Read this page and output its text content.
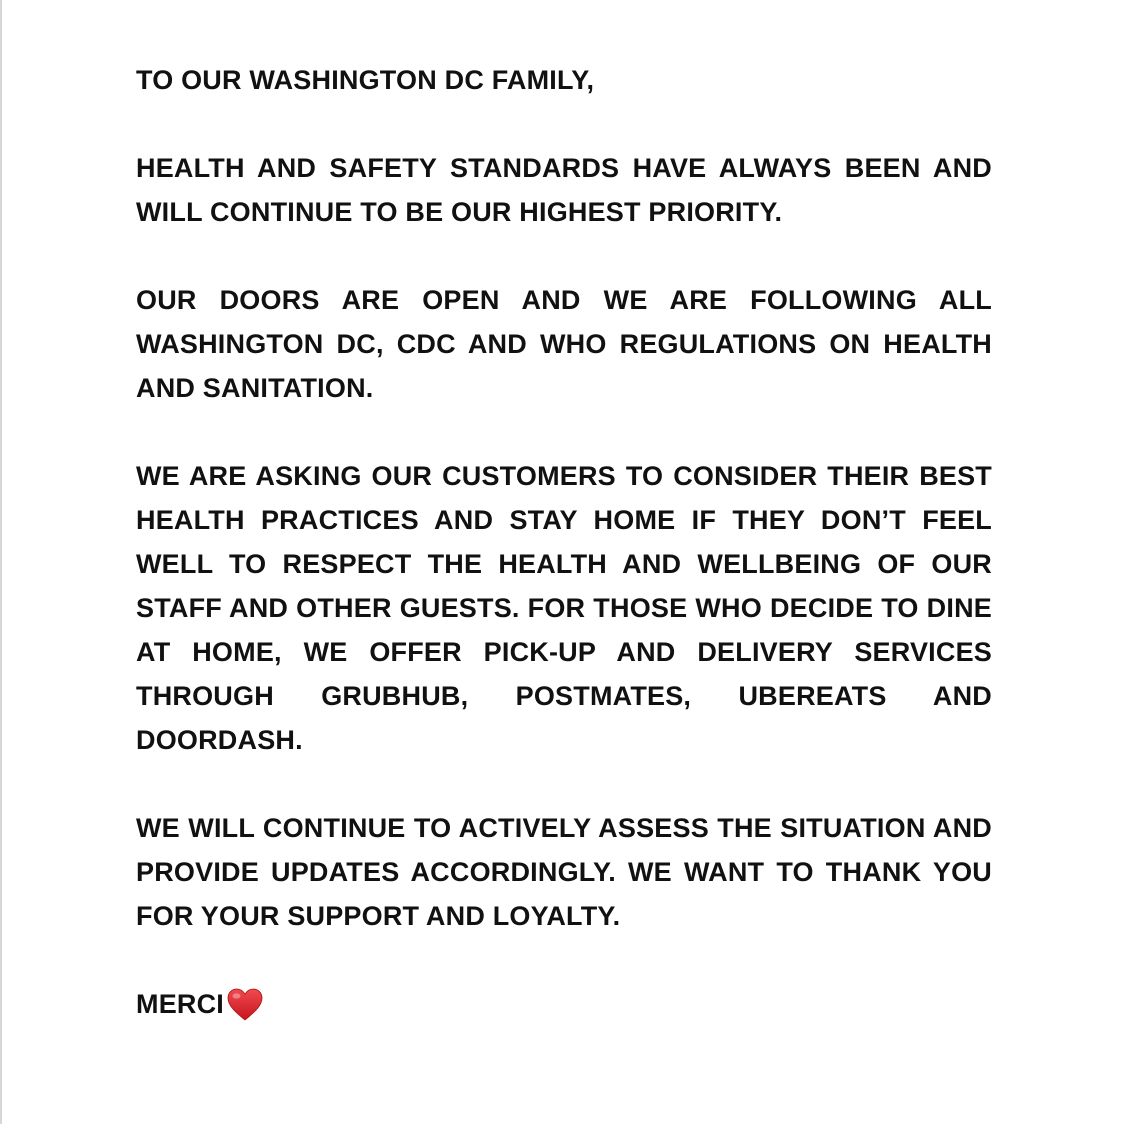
TO OUR WASHINGTON DC FAMILY,

HEALTH AND SAFETY STANDARDS HAVE ALWAYS BEEN AND WILL CONTINUE TO BE OUR HIGHEST PRIORITY.

OUR DOORS ARE OPEN AND WE ARE FOLLOWING ALL WASHINGTON DC, CDC AND WHO REGULATIONS ON HEALTH AND SANITATION.

WE ARE ASKING OUR CUSTOMERS TO CONSIDER THEIR BEST HEALTH PRACTICES AND STAY HOME IF THEY DON’T FEEL WELL TO RESPECT THE HEALTH AND WELLBEING OF OUR STAFF AND OTHER GUESTS. FOR THOSE WHO DECIDE TO DINE AT HOME, WE OFFER PICK-UP AND DELIVERY SERVICES THROUGH GRUBHUB, POSTMATES, UBEREATS AND DOORDASH.

WE WILL CONTINUE TO ACTIVELY ASSESS THE SITUATION AND PROVIDE UPDATES ACCORDINGLY. WE WANT TO THANK YOU FOR YOUR SUPPORT AND LOYALTY.

MERCI
